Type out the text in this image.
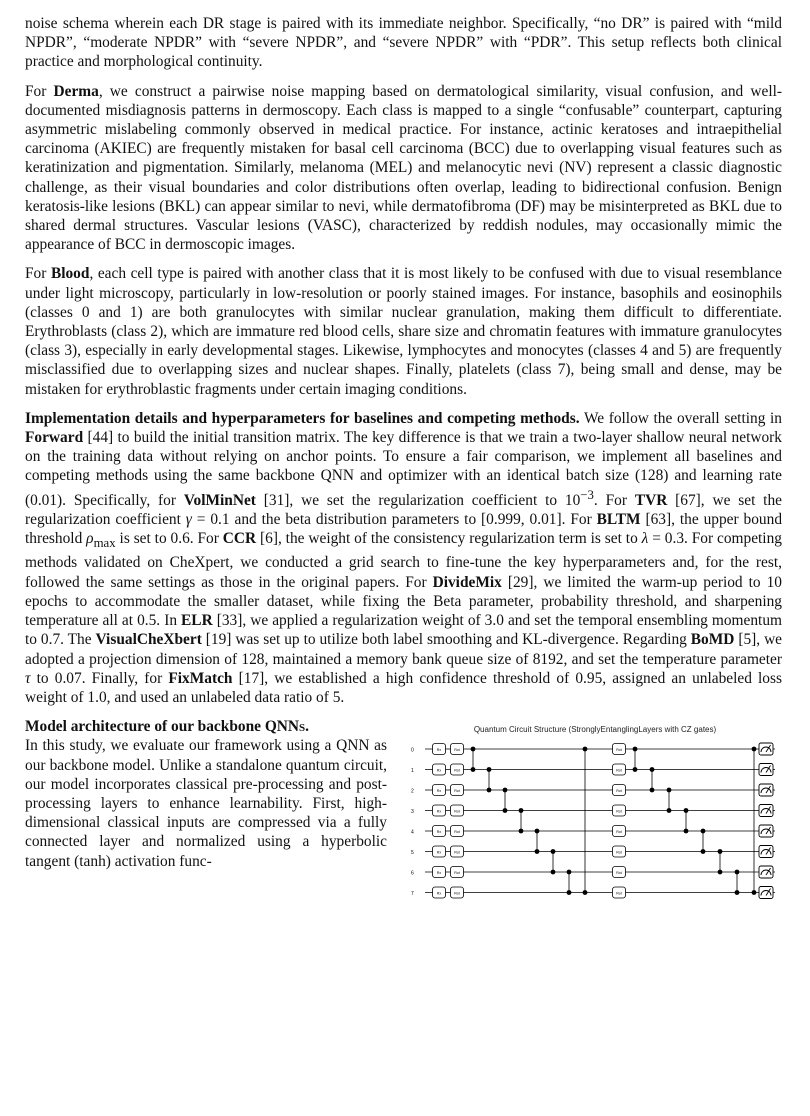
noise schema wherein each DR stage is paired with its immediate neighbor. Specifically, “no DR” is paired with “mild NPDR”, “moderate NPDR” with “severe NPDR”, and “severe NPDR” with “PDR”. This setup reflects both clinical practice and morphological continuity.

For Derma, we construct a pairwise noise mapping based on dermatological similarity, visual confusion, and well-documented misdiagnosis patterns in dermoscopy. Each class is mapped to a single “confusable” counterpart, capturing asymmetric mislabeling commonly observed in medical practice. For instance, actinic keratoses and intraepithelial carcinoma (AKIEC) are frequently mistaken for basal cell carcinoma (BCC) due to overlapping visual features such as keratinization and pigmentation. Similarly, melanoma (MEL) and melanocytic nevi (NV) represent a classic diagnostic challenge, as their visual boundaries and color distributions often overlap, leading to bidirectional confusion. Benign keratosis-like lesions (BKL) can appear similar to nevi, while dermatofibroma (DF) may be misinterpreted as BKL due to shared dermal structures. Vascular lesions (VASC), characterized by reddish nodules, may occasionally mimic the appearance of BCC in dermoscopic images.

For Blood, each cell type is paired with another class that it is most likely to be confused with due to visual resemblance under light microscopy, particularly in low-resolution or poorly stained images. For instance, basophils and eosinophils (classes 0 and 1) are both granulocytes with similar nuclear granulation, making them difficult to differentiate. Erythroblasts (class 2), which are immature red blood cells, share size and chromatin features with immature granulocytes (class 3), especially in early developmental stages. Likewise, lymphocytes and monocytes (classes 4 and 5) are frequently misclassified due to overlapping sizes and nuclear shapes. Finally, platelets (class 7), being small and dense, may be mistaken for erythroblastic fragments under certain imaging conditions.

Implementation details and hyperparameters for baselines and competing methods. We follow the overall setting in Forward [44] to build the initial transition matrix. The key difference is that we train a two-layer shallow neural network on the training data without relying on anchor points. To ensure a fair comparison, we implement all baselines and competing methods using the same backbone QNN and optimizer with an identical batch size (128) and learning rate (0.01). Specifically, for VolMinNet [31], we set the regularization coefficient to $10^{-3}$. For TVR [67], we set the regularization coefficient γ = 0.1 and the beta distribution parameters to [0.999, 0.01]. For BLTM [63], the upper bound threshold $\rho_{max}$ is set to 0.6. For CCR [6], the weight of the consistency regularization term is set to λ = 0.3. For competing methods validated on CheXpert, we conducted a grid search to fine-tune the key hyperparameters and, for the rest, followed the same settings as those in the original papers. For DivideMix [29], we limited the warm-up period to 10 epochs to accommodate the smaller dataset, while fixing the Beta parameter, probability threshold, and sharpening temperature all at 0.5. In ELR [33], we applied a regularization weight of 3.0 and set the temporal ensembling momentum to 0.7. The VisualCheXbert [19] was set up to utilize both label smoothing and KL-divergence. Regarding BoMD [5], we adopted a projection dimension of 128, maintained a memory bank queue size of 8192, and set the temperature parameter τ to 0.07. Finally, for FixMatch [17], we established a high confidence threshold of 0.95, assigned an unlabeled loss weight of 1.0, and used an unlabeled data ratio of 5.

Model architecture of our backbone QNNs.
In this study, we evaluate our framework using a QNN as our backbone model. Unlike a standalone quantum circuit, our model incorporates classical pre-processing and post-processing layers to enhance learnability. First, high-dimensional classical inputs are compressed via a fully connected layer and normalized using a hyperbolic tangent (tanh) activation func-
Quantum Circuit Structure (StronglyEntanglingLayers with CZ gates)
0
1
2
3
4
5
6
7
Rx	Rot
Rx	Rot
Rx	Rot
Rx	Rot
Rx	Rot
Rx	Rot
Rx	Rot
Rx	Rot
Rot
Rot
Rot
Rot
Rot
Rot
Rot
Rot
